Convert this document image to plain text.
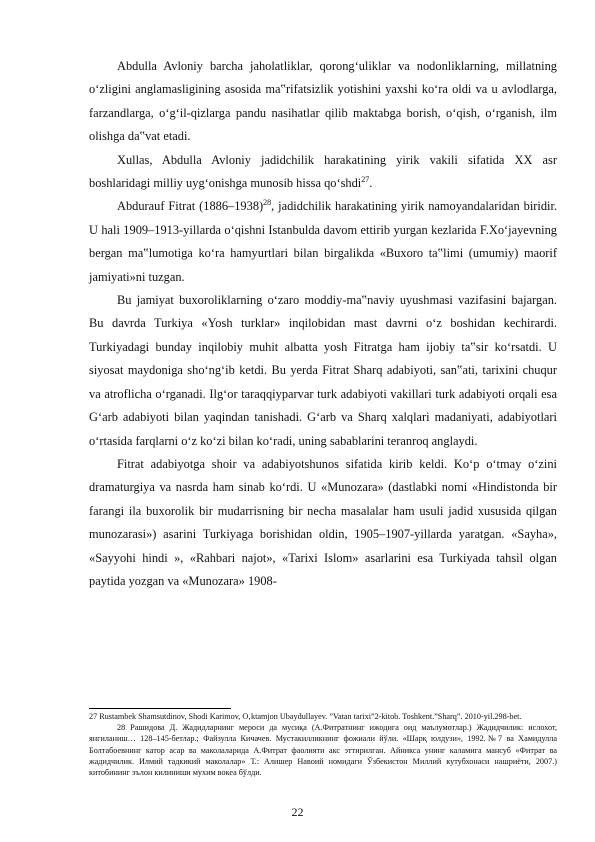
Abdulla Avloniy barcha jaholatliklar, qorong‘uliklar va nodonliklarning, millatning o‘zligini anglamasligining asosida ma‟rifatsizlik yotishini yaxshi ko‘ra oldi va u avlodlarga, farzandlarga, o‘g‘il-qizlarga pandu nasihatlar qilib maktabga borish, o‘qish, o‘rganish, ilm olishga da‟vat etadi.

Xullas, Abdulla Avloniy jadidchilik harakatining yirik vakili sifatida XX asr boshlaridagi milliy uyg‘onishga munosib hissa qo‘shdi$^{27}$.

Abdurauf Fitrat (1886–1938)$^{28}$, jadidchilik harakatining yirik namoyandalaridan biridir. U hali 1909–1913-yillarda o‘qishni Istanbulda davom ettirib yurgan kezlarida F.Xo‘jayevning bergan ma‟lumotiga ko‘ra hamyurtlari bilan birgalikda «Buxoro ta‟limi (umumiy) maorif jamiyati»ni tuzgan.

Bu jamiyat buxoroliklarning o‘zaro moddiy-ma‟naviy uyushmasi vazifasini bajargan. Bu davrda Turkiya «Yosh turklar» inqilobidan mast davrni o‘z boshidan kechirardi. Turkiyadagi bunday inqilobiy muhit albatta yosh Fitratga ham ijobiy ta‟sir ko‘rsatdi. U siyosat maydoniga sho‘ng‘ib ketdi. Bu yerda Fitrat Sharq adabiyoti, san‟ati, tarixini chuqur va atroflicha o‘rganadi. Ilg‘or taraqqiyparvar turk adabiyoti vakillari turk adabiyoti orqali esa G‘arb adabiyoti bilan yaqindan tanishadi. G‘arb va Sharq xalqlari madaniyati, adabiyotlari o‘rtasida farqlarni o‘z ko‘zi bilan ko‘radi, uning sabablarini teranroq anglaydi.

Fitrat adabiyotga shoir va adabiyotshunos sifatida kirib keldi. Ko‘p o‘tmay o‘zini dramaturgiya va nasrda ham sinab ko‘rdi. U «Munozara» (dastlabki nomi «Hindistonda bir farangi ila buxorolik bir mudarrisning bir necha masalalar ham usuli jadid xususida qilgan munozarasi») asarini Turkiyaga borishidan oldin, 1905–1907-yillarda yaratgan. «Sayha», «Sayyohi hindi », «Rahbari najot», «Tarixi Islom» asarlarini esa Turkiyada tahsil olgan paytida yozgan va «Munozara» 1908-

27 Rustambek Shamsutdinov, Shodi Karimov, O‚ktamjon Ubaydullayev. ”Vatan tarixi”2-kitob. Toshkent.”Sharq”. 2010-yil.298-bet.

28 Рашидова Д. Жадидларнинг мероси да мусиқа (А.Фитратнинг ижодига оид маълумотлар.) Жадидчилик: ислохот, янгиланиш… 128–145-бетлар.; Файзулла Кичачев. Мустакилликнинг фожиали йўли. «Шарқ юлдузи», 1992.№7 ва Хамидулла Болтабоевнинг катор асар ва маколаларида А.Фитрат фаолияти акс эттирилган. Айникса унинг каламига мансуб «Фитрат ва жадидчилик. Илмий тадкикий маколалар» Т.: Алишер Навоий номидаги Ўзбекистон Миллий кутубхонаси нашриёти, 2007.) китобининг эълон килиниши мухим вокеа бўлди.

22
